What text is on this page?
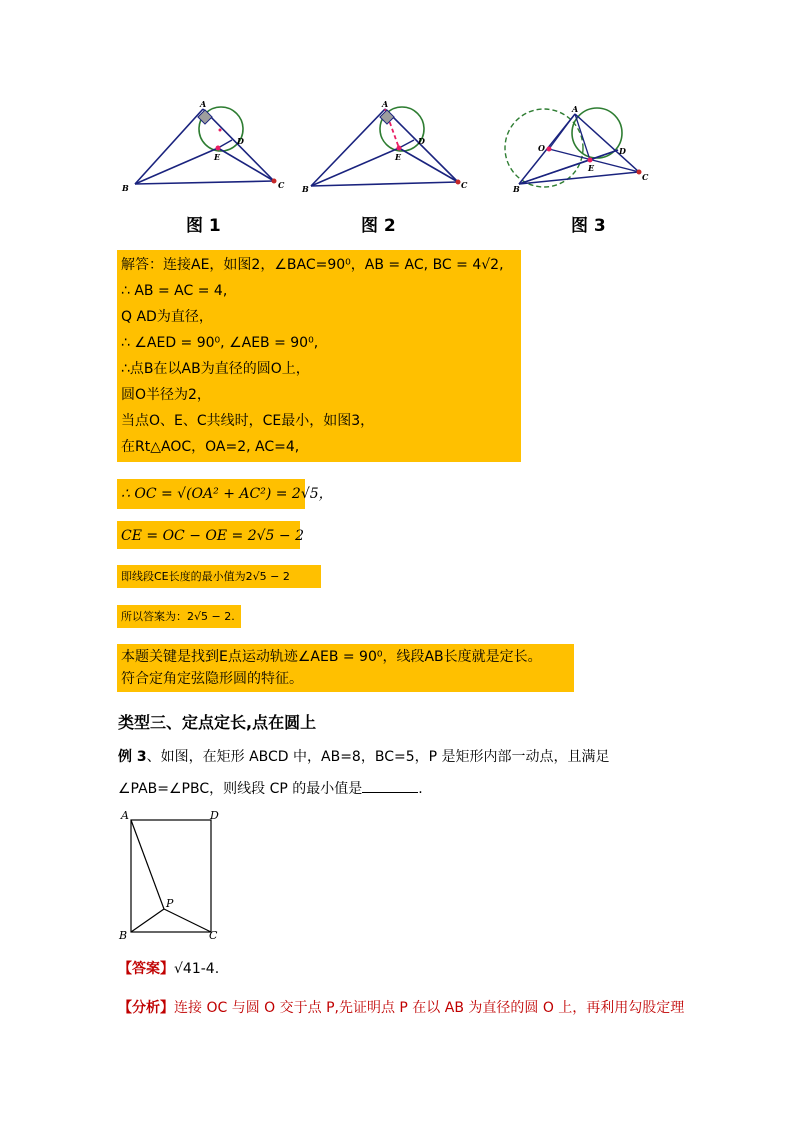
A
B	C
D
E
图 1
A
B	C
D
E
图 2
A
B
C
D
E
O
图 3
解答：连接AE，如图2，∠BAC=90⁰，AB = AC, BC = 4√2,
∴ AB = AC = 4,
Q AD为直径，
∴ ∠AED = 90⁰, ∠AEB = 90⁰,
∴点B在以AB为直径的圆O上，
圆O半径为2，
当点O、E、C共线时，CE最小，如图3，
在Rt△AOC，OA=2, AC=4,
∴ OC = √(OA² + AC²) = 2√5，
CE = OC − OE = 2√5 − 2
即线段CE长度的最小值为2√5 − 2
所以答案为：2√5 − 2.
本题关键是找到E点运动轨迹∠AEB = 90⁰，线段AB长度就是定长。
符合定角定弦隐形圆的特征。
类型三、定点定长,点在圆上
例 3、如图，在矩形 ABCD 中，AB=8，BC=5，P 是矩形内部一动点，且满足
∠PAB=∠PBC，则线段 CP 的最小值是	.
A	D
B	C
P
【答案】√41-4.
【分析】连接 OC 与圆 O 交于点 P,先证明点 P 在以 AB 为直径的圆 O 上，再利用勾股定理
